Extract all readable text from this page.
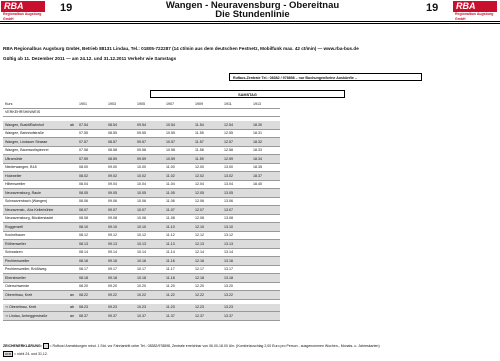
RBA
Regionalbus Augsburg GmbH
19	Wangen - Neuravensburg - Obereitnau
Die Stundenlinie
19	RBA
Regionalbus Augsburg GmbH
RBA Regionalbus Augsburg GmbH, Betrieb 88131 Lindau, Tel.: 01805-722287 (14 ct/min aus dem deutschen Festnetz, Mobilfunk max. 42 ct/min) — www.rba-bus.de
Gültig ab 11. Dezember 2011 — am 24.12. und 31.12.2011 Verkehr wie Samstags
Rufbus-Zentrale Tel.: 08382 / 978898 – nur Buchungen/keine Auskünfte –
SAMSTAG
Kurs		1901	1903	1905	1907	1909	1911	1913
VERKEHRSHINWEIS								

Wangen, Busbf/Bahnhof	ab	07.54	08.54	09.54	10.54	11.54	12.54	18.30
Wangen, Bahnhofstraße		07.55	08.55	09.55	10.55	11.55	12.55	18.31
Wangen, Lindauer Strasse		07.57	08.57	09.57	10.57	11.57	12.57	18.32
Wangen, Baumwollspinnrei		07.58	08.58	09.58	10.58	11.58	12.58	18.33
Ultramühle		07.59	08.59	09.59	10.59	11.59	12.59	18.34
Niederwangen, B18		08.00	09.00	10.00	11.00	12.00	13.00	18.35
Holzweiler		08.02	09.02	10.02	11.02	12.02	13.02	18.37
Hiltensweiler		08.04	09.04	10.04	11.04	12.04	13.04	18.40
Neuravensburg, Raule		08.05	09.05	10.05	11.05	12.05	13.05	
Schwarzenbach (Wangen)		08.06	09.06	10.06	11.06	12.06	13.06	
Neuravensb., Abz Kellerbühler		08.07	09.07	10.07	11.07	12.07	13.07	
Neuravensburg, Bücklerstadel		08.08	09.08	10.08	11.08	12.08	13.08	
Roggenzell		08.10	09.10	10.10	11.10	12.10	13.10	
Kochelbauer		08.12	09.12	10.12	11.12	12.12	13.12	
Röthenweiler		08.13	09.13	10.13	11.13	12.13	13.13	
Schwatzen		08.14	09.14	10.14	11.14	12.14	13.14	
Pechtensweiler		08.16	09.16	10.16	11.16	12.16	13.16	
Pechtensweiler, Brüßlweg		08.17	09.17	10.17	11.17	12.17	13.17	
Ebersbweiler		08.18	09.18	10.18	11.18	12.18	13.18	
Oderschwende		08.20	09.20	10.20	11.20	12.20	13.20	
Obereitnau, Kreit	an	08.22	09.22	10.22	11.22	12.22	13.22	

⇒ Obereitnau, Kreit	ab	08.23	09.23	10.23	11.23	12.23	13.23	
⇒ Lindau, Anheggerstraße	an	08.37	09.37	10.37	11.37	12.37	13.37	
ZEICHENERKLÄRUNG: = Rufbus! Anmeldungen mind. 1 Std. vor Fahrtantritt unter Tel.: 08382/978898, Zentrale erreichbar von 06.00-18.00 Uhr. (Komfortzuschlag 2,00 Euro pro Person - ausgenommen Wochen-, Monats- u. Jahreskarten)
RFB = nicht 24. und 31.12.
